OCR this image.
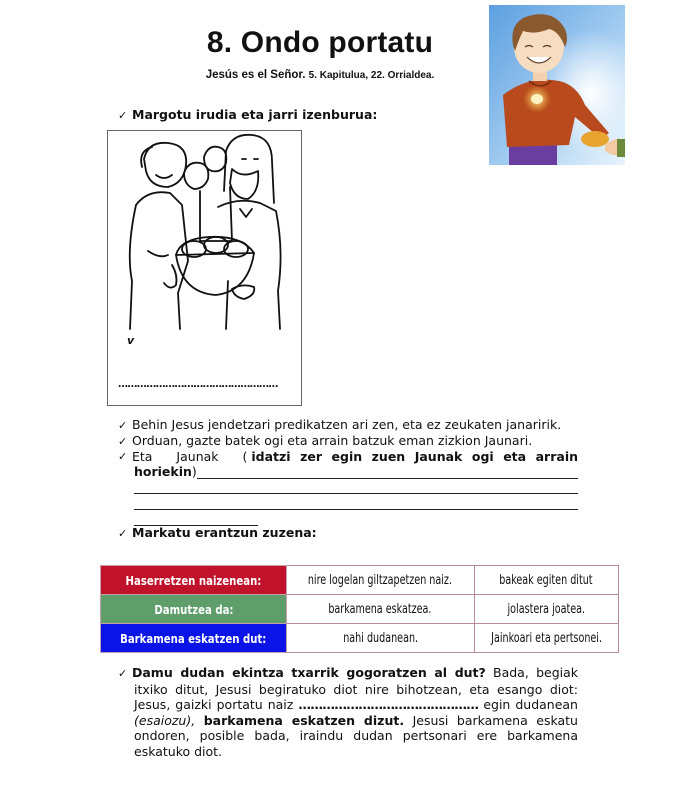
8. Ondo portatu
Jesús es el Señor. 5. Kapitulua, 22. Orrialdea.
✓ Margotu irudia eta jarri izenburua:
v
……………………………………………
✓ Behin Jesus jendetzari predikatzen ari zen, eta ez zeukaten janaririk.
✓ Orduan, gazte batek ogi eta arrain batzuk eman zizkion Jaunari.
✓ Eta Jaunak ( idatzi zer egin zuen Jaunak ogi eta arrain
horiekin )
✓ Markatu erantzun zuzena:
Haserretzen naizenean:	nire logelan giltzapetzen naiz.	bakeak egiten ditut
Damutzea da:	barkamena eskatzea.	jolastera joatea.
Barkamena eskatzen dut:	nahi dudanean.	Jainkoari eta pertsonei.
✓ Damu dudan ekintza txarrik gogoratzen al dut? Bada, begiak itxiko ditut, Jesusi begiratuko diot nire bihotzean, eta esango diot: Jesus, gaizki portatu naiz ……………………………………… egin dudanean (esaiozu), barkamena eskatzen dizut. Jesusi barkamena eskatu ondoren, posible bada, iraindu dudan pertsonari ere barkamena eskatuko diot.
